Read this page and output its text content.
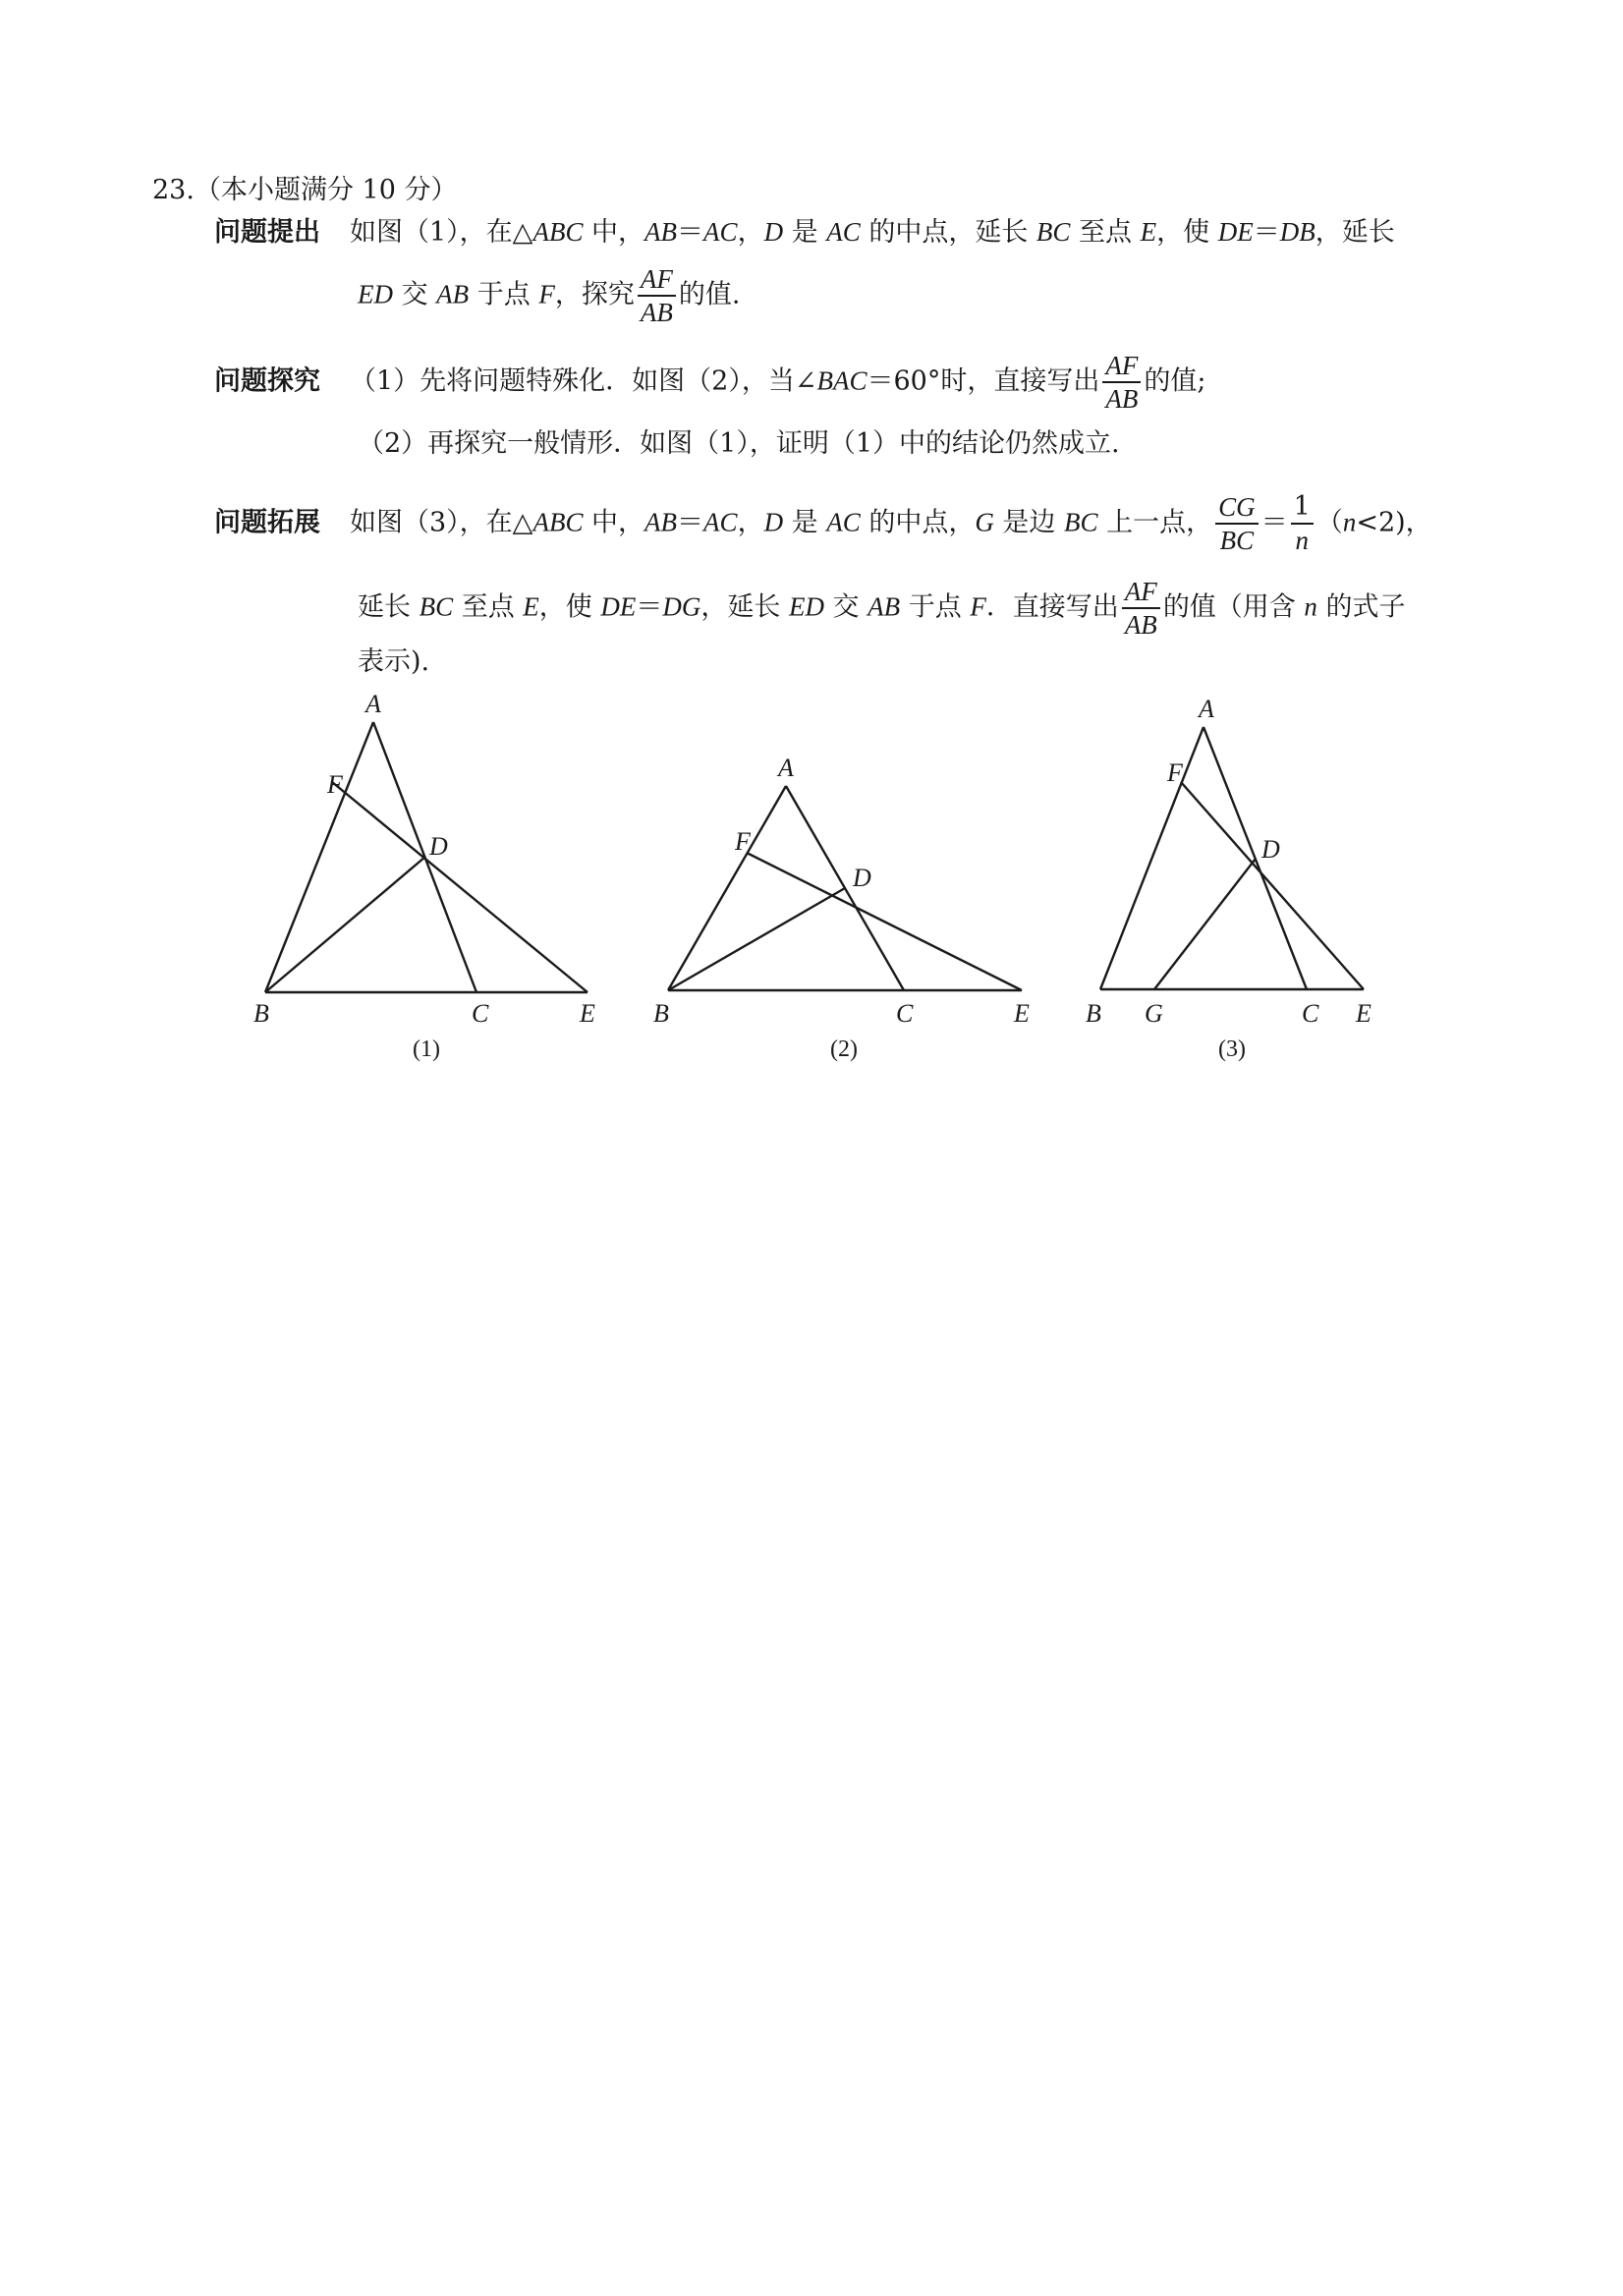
23.（本小题满分 10 分）
问题提出 如图（1），在△ABC 中，AB＝AC，D 是 AC 的中点，延长 BC 至点 E，使 DE＝DB，延长
ED 交 AB 于点 F，探究 $\frac{AF}{AB}$ 的值.
问题探究 （1）先将问题特殊化．如图（2），当∠BAC＝60°时，直接写出 $\frac{AF}{AB}$ 的值;
（2）再探究一般情形．如图（1），证明（1）中的结论仍然成立.
问题拓展 如图（3），在△ABC 中，AB＝AC，D 是 AC 的中点，G 是边 BC 上一点， $\frac{CG}{BC} = \frac{1}{n} (n<2)$，
延长 BC 至点 E，使 DE＝DG，延长 ED 交 AB 于点 F．直接写出 $\frac{AF}{AB}$ 的值（用含 n 的式子
表示).
A
F
D
B	C	E
(1)
A
F
D
B	C	E
(2)
A
F
D
B G	C E
(3)
